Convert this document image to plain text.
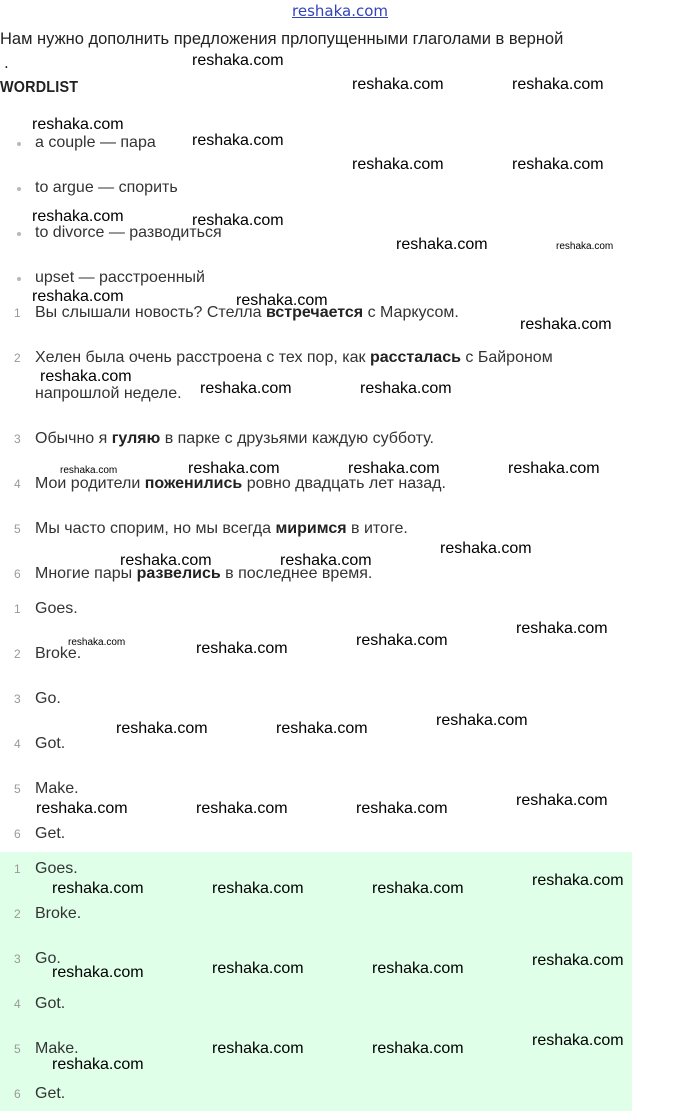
reshaka.com
Нам нужно дополнить предложения прлопущенными глаголами в верной
.
WORDLIST
a couple — пара
to argue — спорить
to divorce — разводиться
upset — расстроенный
1 Вы слышали новость? Стелла встречается с Маркусом.
2 Хелен была очень расстроена с тех пор, как рассталась с Байроном
напрошлой неделе.
3 Обычно я гуляю в парке с друзьями каждую субботу.
4 Мои родители поженились ровно двадцать лет назад.
5 Мы часто спорим, но мы всегда миримся в итоге.
6 Многие пары развелись в последнее время.
1 Goes.
2 Broke.
3 Go.
4 Got.
5 Make.
6 Get.
1 Goes.
2 Broke.
3 Go.
4 Got.
5 Make.
6 Get.
reshaka.com
reshaka.com	reshaka.com
reshaka.com
reshaka.com
reshaka.com	reshaka.com
reshaka.com	reshaka.com
reshaka.com	reshaka.com
reshaka.com	reshaka.com
reshaka.com
reshaka.com
reshaka.com	reshaka.com
reshaka.com	reshaka.com	reshaka.com	reshaka.com
reshaka.com
reshaka.com	reshaka.com
reshaka.com
reshaka.com	reshaka.com
reshaka.com
reshaka.com
reshaka.com	reshaka.com
reshaka.com
reshaka.com	reshaka.com	reshaka.com
reshaka.com
reshaka.com	reshaka.com	reshaka.com
reshaka.com
reshaka.com	reshaka.com
reshaka.com
reshaka.com
reshaka.com	reshaka.com
reshaka.com
